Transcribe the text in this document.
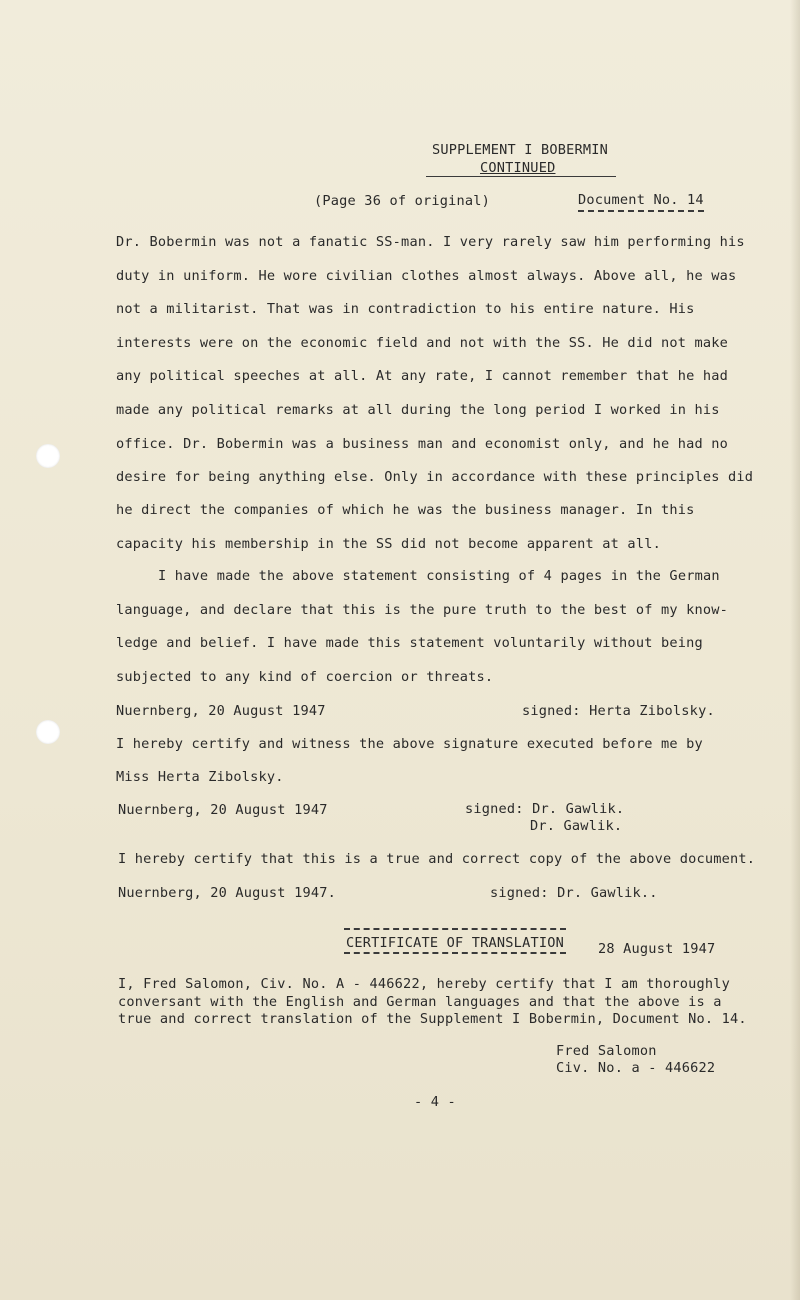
SUPPLEMENT I BOBERMIN
CONTINUED
(Page 36 of original)	Document No. 14
Dr. Bobermin was not a fanatic SS-man. I very rarely saw him performing his
duty in uniform. He wore civilian clothes almost always. Above all, he was
not a militarist. That was in contradiction to his entire nature. His
interests were on the economic field and not with the SS. He did not make
any political speeches at all. At any rate, I cannot remember that he had
made any political remarks at all during the long period I worked in his
office. Dr. Bobermin was a business man and economist only, and he had no
desire for being anything else. Only in accordance with these principles did
he direct the companies of which he was the business manager. In this
capacity his membership in the SS did not become apparent at all.
I have made the above statement consisting of 4 pages in the German
language, and declare that this is the pure truth to the best of my know-
ledge and belief. I have made this statement voluntarily without being
subjected to any kind of coercion or threats.
Nuernberg, 20 August 1947	signed: Herta Zibolsky.
I hereby certify and witness the above signature executed before me by
Miss Herta Zibolsky.
Nuernberg, 20 August 1947	signed: Dr. Gawlik.
Dr. Gawlik.
I hereby certify that this is a true and correct copy of the above document.
Nuernberg, 20 August 1947.	signed: Dr. Gawlik..
CERTIFICATE OF TRANSLATION	28 August 1947
I, Fred Salomon, Civ. No. A - 446622, hereby certify that I am thoroughly
conversant with the English and German languages and that the above is a
true and correct translation of the Supplement I Bobermin, Document No. 14.
Fred Salomon
Civ. No. a - 446622
- 4 -
